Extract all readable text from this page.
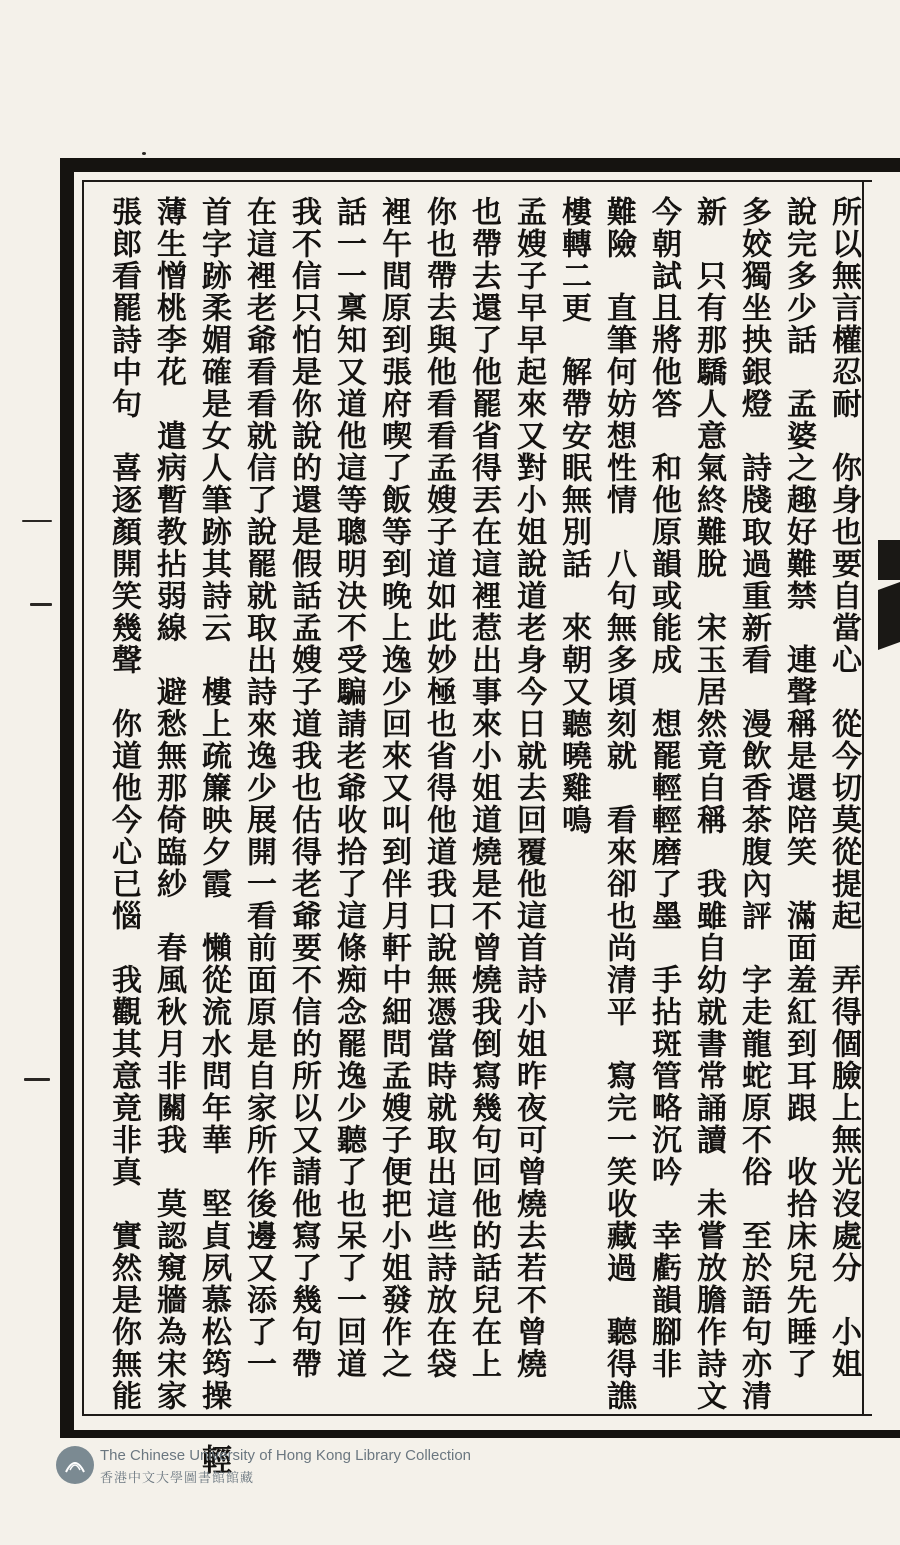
所以無言權忍耐　你身也要自當心　從今切莫從提起　弄得個臉上無光沒處分　小姐
說完多少話　孟婆之趣好難禁　連聲稱是還陪笑　滿面羞紅到耳跟　收拾床兒先睡了
多姣獨坐抰銀燈　詩牋取過重新看　漫飲香茶腹內評　字走龍蛇原不俗　至於語句亦清
新　只有那驕人意氣終難脫　宋玉居然竟自稱　我雖自幼就書常誦讀　未嘗放膽作詩文
今朝試且將他答　和他原韻或能成　想罷輕輕磨了墨　手拈斑管略沉吟　幸虧韻腳非
難險　直筆何妨想性情　八句無多頃刻就　看來卻也尚清平　寫完一笑收藏過　聽得譙
樓轉二更　解帶安眠無別話　來朝又聽曉雞鳴
孟嫂子早早起來又對小姐說道老身今日就去回覆他這首詩小姐昨夜可曾燒去若不曾燒
也帶去還了他罷省得丟在這裡惹出事來小姐道燒是不曾燒我倒寫幾句回他的話兒在上
你也帶去與他看看孟嫂子道如此妙極也省得他道我口說無憑當時就取出這些詩放在袋
裡午間原到張府喫了飯等到晚上逸少回來又叫到伴月軒中細問孟嫂子便把小姐發作之
話一一稟知又道他這等聰明決不受騙請老爺收拾了這條痴念罷逸少聽了也呆了一回道
我不信只怕是你說的還是假話孟嫂子道我也估得老爺要不信的所以又請他寫了幾句帶
在這裡老爺看看就信了說罷就取出詩來逸少展開一看前面原是自家所作後邊又添了一
首字跡柔媚確是女人筆跡其詩云　樓上疏簾映夕霞　懶從流水問年華　堅貞夙慕松筠操　輕
薄生憎桃李花　遣病暫教拈弱線　避愁無那倚臨紗　春風秋月非關我　莫認窺牆為宋家
張郎看罷詩中句　喜逐顏開笑幾聲　你道他今心已惱　我觀其意竟非真　實然是你無能
The Chinese University of Hong Kong Library Collection
香港中文大學圖書館館藏
